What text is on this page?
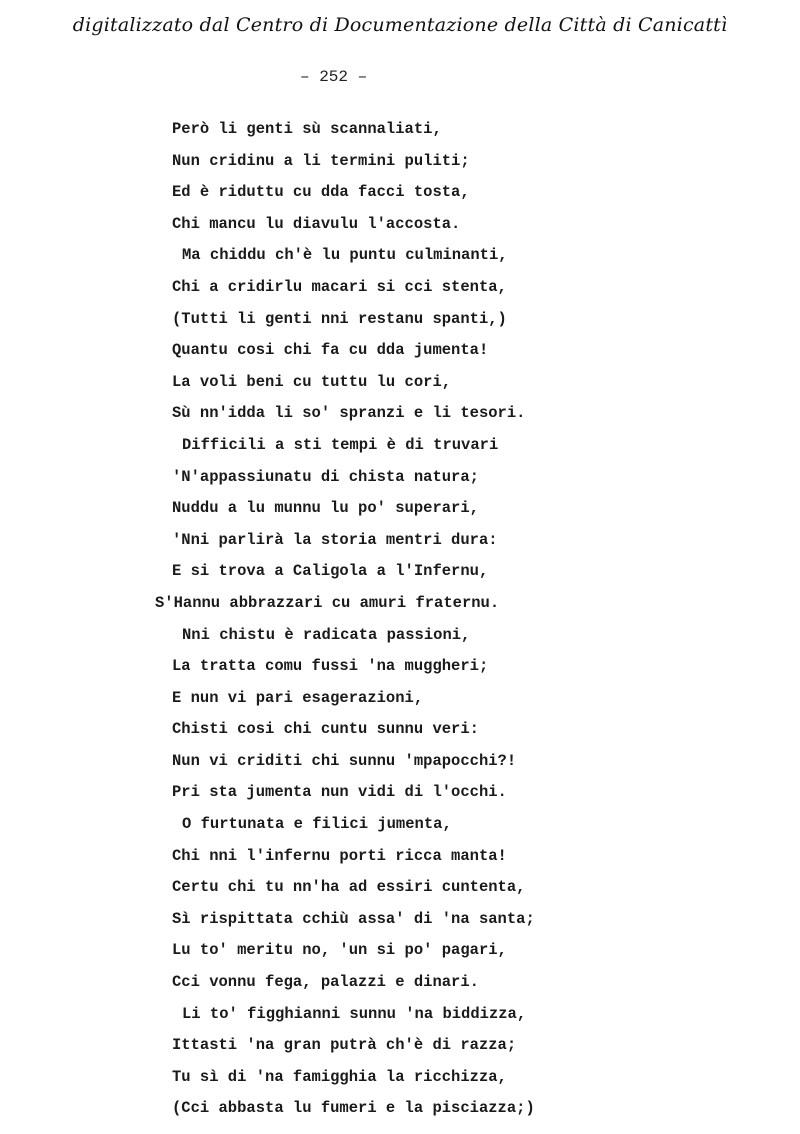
digitalizzato dal Centro di Documentazione della Città di Canicattì
– 252 –
Però li genti sù scannaliati,
Nun cridinu a li termini puliti;
Ed è riduttu cu dda facci tosta,
Chi mancu lu diavulu l'accosta.
Ma chiddu ch'è lu puntu culminanti,
Chi a cridirlu macari si cci stenta,
(Tutti li genti nni restanu spanti,)
Quantu cosi chi fa cu dda jumenta!
La voli beni cu tuttu lu cori,
Sù nn'idda li so' spranzi e li tesori.
Difficili a sti tempi è di truvari
'N'appassiunatu di chista natura;
Nuddu a lu munnu lu po' superari,
'Nni parlirà la storia mentri dura:
E si trova a Caligola a l'Infernu,
S'Hannu abbrazzari cu amuri fraternu.
Nni chistu è radicata passioni,
La tratta comu fussi 'na muggheri;
E nun vi pari esagerazioni,
Chisti cosi chi cuntu sunnu veri:
Nun vi criditi chi sunnu 'mpapocchi?!
Pri sta jumenta nun vidi di l'occhi.
O furtunata e filici jumenta,
Chi nni l'infernu porti ricca manta!
Certu chi tu nn'ha ad essiri cuntenta,
Sì rispittata cchiù assa' di 'na santa;
Lu to' meritu no, 'un si po' pagari,
Cci vonnu fega, palazzi e dinari.
Li to' figghianni sunnu 'na biddizza,
Ittasti 'na gran putrà ch'è di razza;
Tu sì di 'na famigghia la ricchizza,
(Cci abbasta lu fumeri e la pisciazza;)
